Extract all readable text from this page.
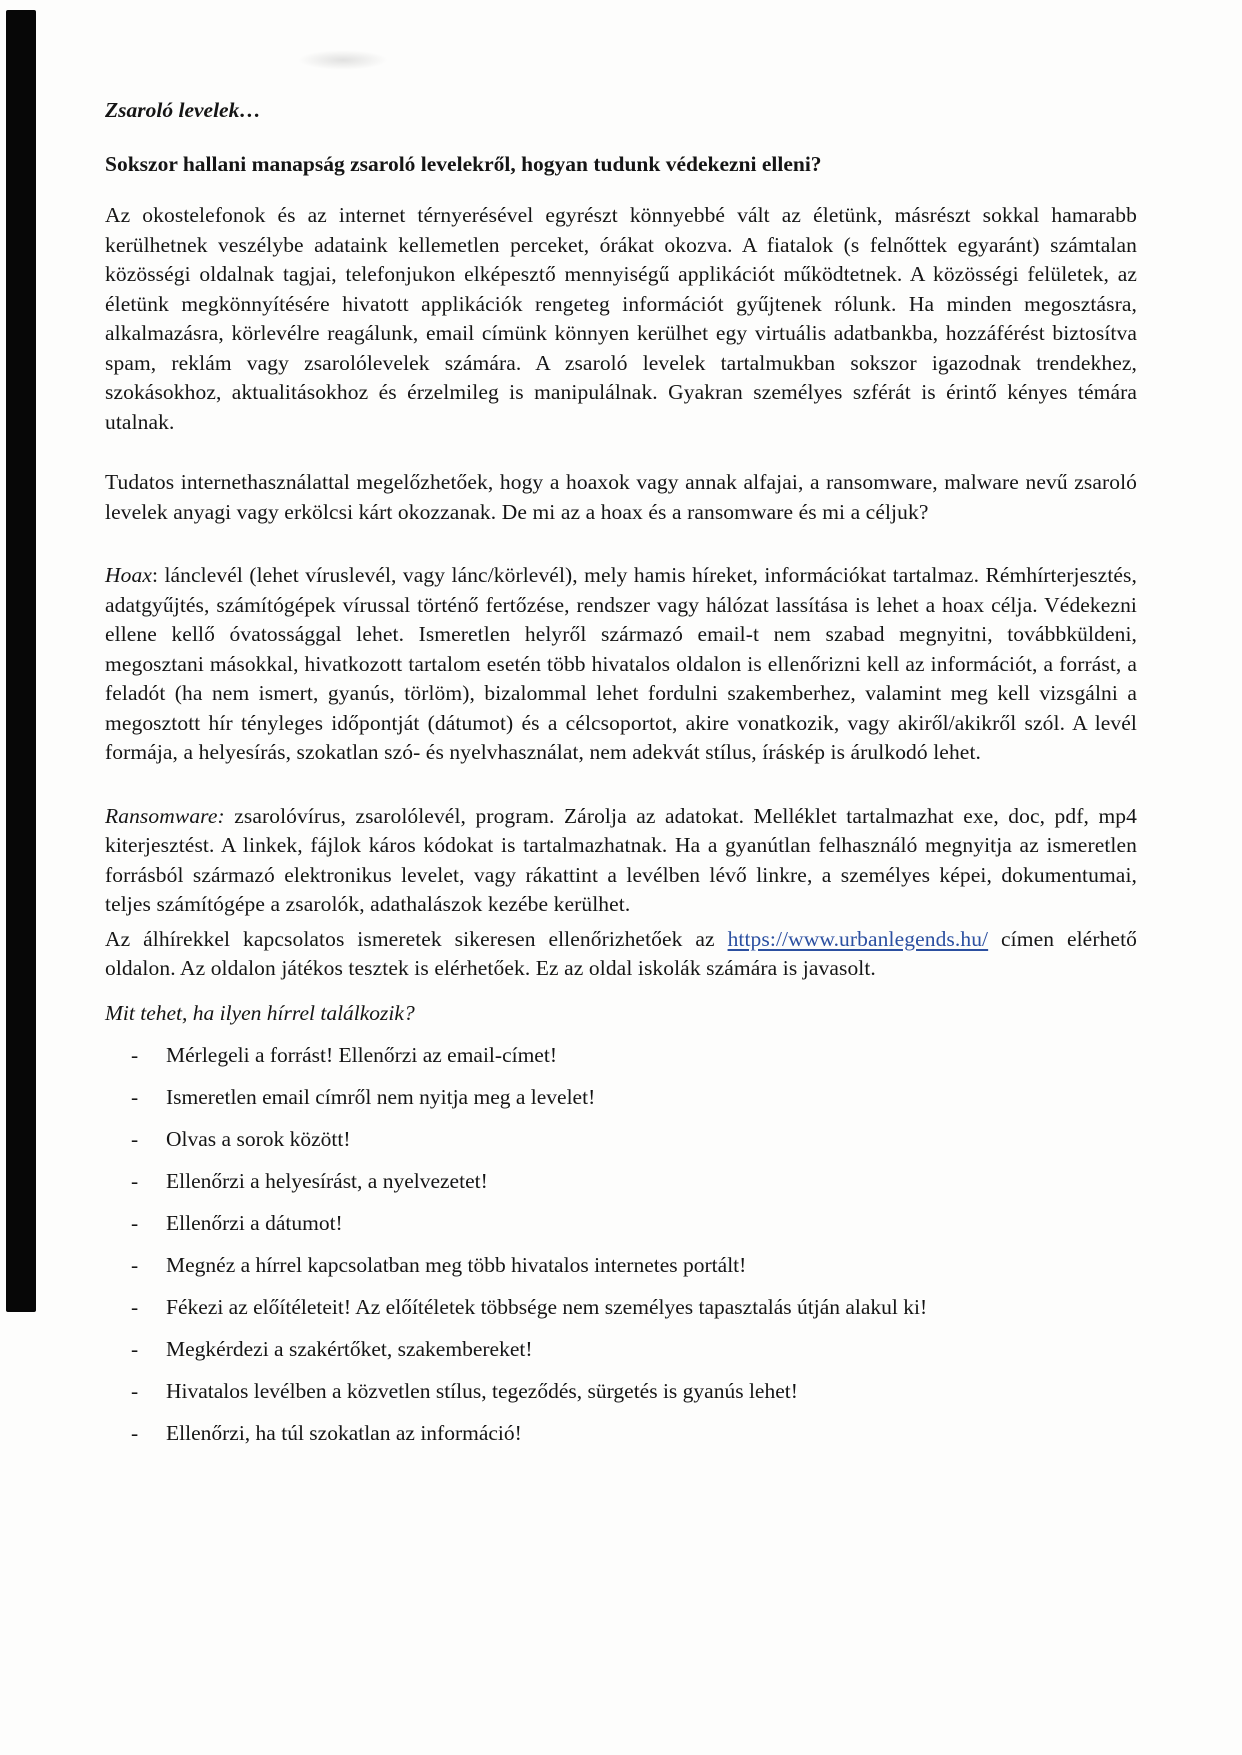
Zsaroló levelek…

Sokszor hallani manapság zsaroló levelekről, hogyan tudunk védekezni elleni?

Az okostelefonok és az internet térnyerésével egyrészt könnyebbé vált az életünk, másrészt sokkal hamarabb kerülhetnek veszélybe adataink kellemetlen perceket, órákat okozva. A fiatalok (s felnőttek egyaránt) számtalan közösségi oldalnak tagjai, telefonjukon elképesztő mennyiségű applikációt működtetnek. A közösségi felületek, az életünk megkönnyítésére hivatott applikációk rengeteg információt gyűjtenek rólunk. Ha minden megosztásra, alkalmazásra, körlevélre reagálunk, email címünk könnyen kerülhet egy virtuális adatbankba, hozzáférést biztosítva spam, reklám vagy zsarolólevelek számára. A zsaroló levelek tartalmukban sokszor igazodnak trendekhez, szokásokhoz, aktualitásokhoz és érzelmileg is manipulálnak. Gyakran személyes szférát is érintő kényes témára utalnak.

Tudatos internethasználattal megelőzhetőek, hogy a hoaxok vagy annak alfajai, a ransomware, malware nevű zsaroló levelek anyagi vagy erkölcsi kárt okozzanak. De mi az a hoax és a ransomware és mi a céljuk?

Hoax: lánclevél (lehet víruslevél, vagy lánc/körlevél), mely hamis híreket, információkat tartalmaz. Rémhírterjesztés, adatgyűjtés, számítógépek vírussal történő fertőzése, rendszer vagy hálózat lassítása is lehet a hoax célja. Védekezni ellene kellő óvatossággal lehet. Ismeretlen helyről származó email-t nem szabad megnyitni, továbbküldeni, megosztani másokkal, hivatkozott tartalom esetén több hivatalos oldalon is ellenőrizni kell az információt, a forrást, a feladót (ha nem ismert, gyanús, törlöm), bizalommal lehet fordulni szakemberhez, valamint meg kell vizsgálni a megosztott hír tényleges időpontját (dátumot) és a célcsoportot, akire vonatkozik, vagy akiről/akikről szól. A levél formája, a helyesírás, szokatlan szó- és nyelvhasználat, nem adekvát stílus, íráskép is árulkodó lehet.

Ransomware: zsarolóvírus, zsarolólevél, program. Zárolja az adatokat. Melléklet tartalmazhat exe, doc, pdf, mp4 kiterjesztést. A linkek, fájlok káros kódokat is tartalmazhatnak. Ha a gyanútlan felhasználó megnyitja az ismeretlen forrásból származó elektronikus levelet, vagy rákattint a levélben lévő linkre, a személyes képei, dokumentumai, teljes számítógépe a zsarolók, adathalászok kezébe kerülhet.

Az álhírekkel kapcsolatos ismeretek sikeresen ellenőrizhetőek az https://www.urbanlegends.hu/ címen elérhető oldalon. Az oldalon játékos tesztek is elérhetőek. Ez az oldal iskolák számára is javasolt.

Mit tehet, ha ilyen hírrel találkozik?

- Mérlegeli a forrást! Ellenőrzi az email-címet!
- Ismeretlen email címről nem nyitja meg a levelet!
- Olvas a sorok között!
- Ellenőrzi a helyesírást, a nyelvezetet!
- Ellenőrzi a dátumot!
- Megnéz a hírrel kapcsolatban meg több hivatalos internetes portált!
- Fékezi az előítéleteit! Az előítéletek többsége nem személyes tapasztalás útján alakul ki!
- Megkérdezi a szakértőket, szakembereket!
- Hivatalos levélben a közvetlen stílus, tegeződés, sürgetés is gyanús lehet!
- Ellenőrzi, ha túl szokatlan az információ!
